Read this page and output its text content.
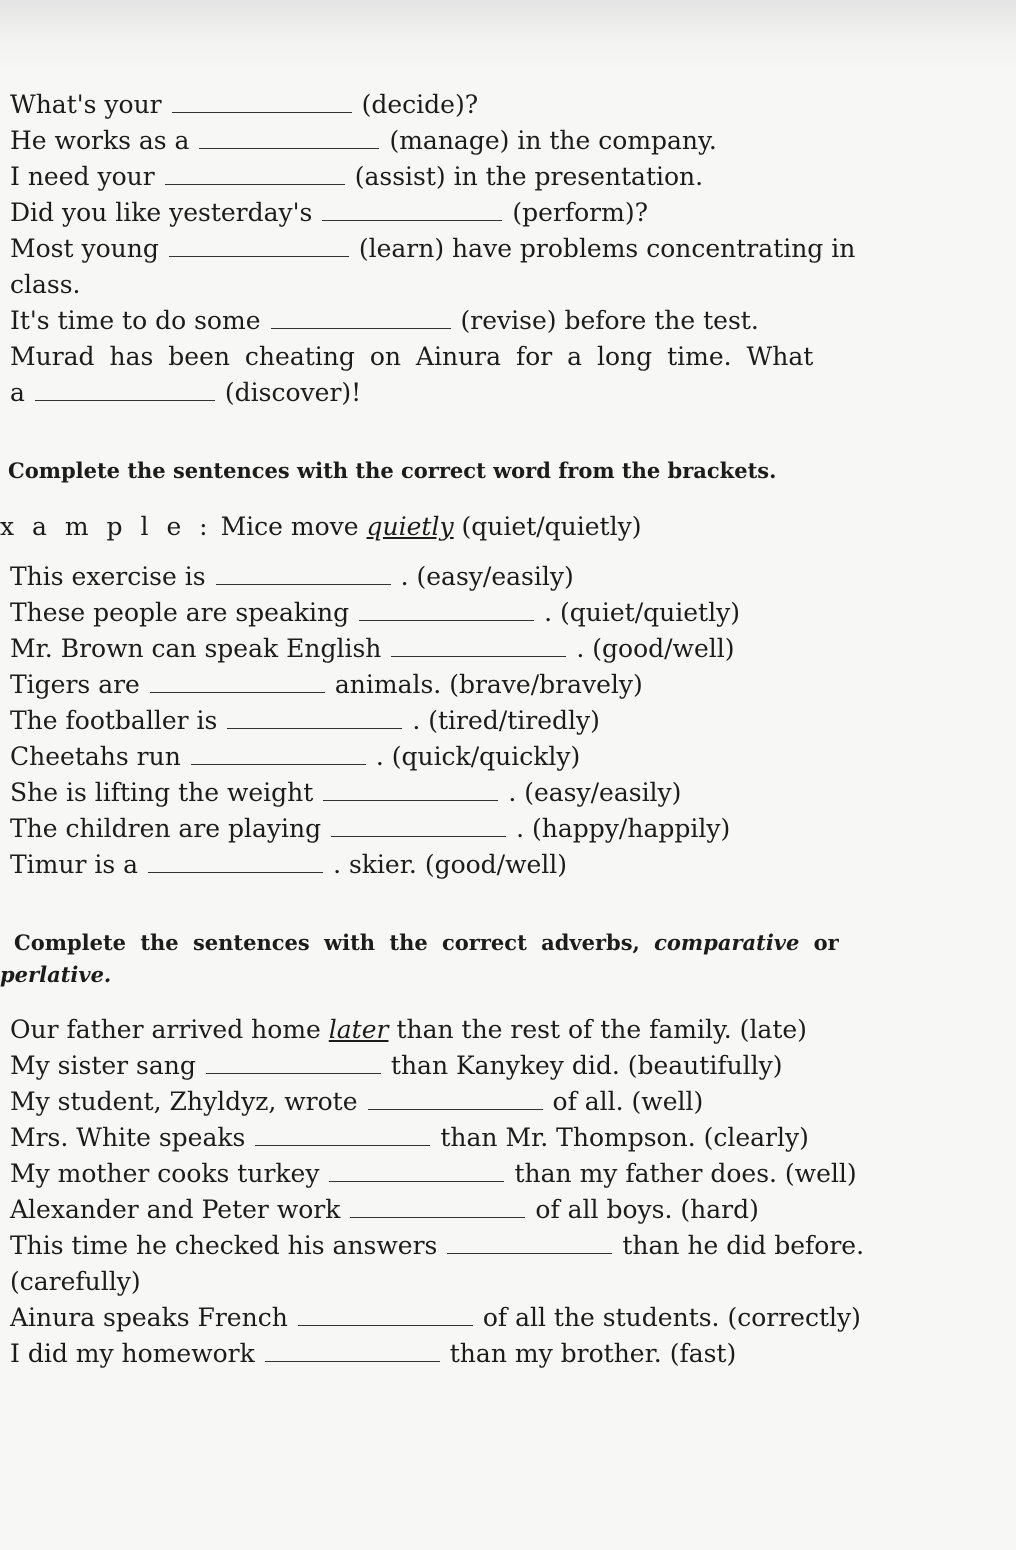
What's your	(decide)?
He works as a	(manage) in the company.
I need your	(assist) in the presentation.
Did you like yesterday's	(perform)?
Most young	(learn) have problems concentrating in
class.
It's time to do some	(revise) before the test.
Murad has been cheating on Ainura for a long time. What
a	(discover)!
Complete the sentences with the correct word from the brackets.
x a m p l e : Mice move quietly (quiet/quietly)
This exercise is	. (easy/easily)
These people are speaking	. (quiet/quietly)
Mr. Brown can speak English	. (good/well)
Tigers are	animals. (brave/bravely)
The footballer is	. (tired/tiredly)
Cheetahs run	. (quick/quickly)
She is lifting the weight	. (easy/easily)
The children are playing	. (happy/happily)
Timur is a	. skier. (good/well)
Complete the sentences with the correct adverbs, comparative or
perlative.
Our father arrived home later than the rest of the family. (late)
My sister sang	than Kanykey did. (beautifully)
My student, Zhyldyz, wrote	of all. (well)
Mrs. White speaks	than Mr. Thompson. (clearly)
My mother cooks turkey	than my father does. (well)
Alexander and Peter work	of all boys. (hard)
This time he checked his answers	than he did before.
(carefully)
Ainura speaks French	of all the students. (correctly)
I did my homework	than my brother. (fast)
